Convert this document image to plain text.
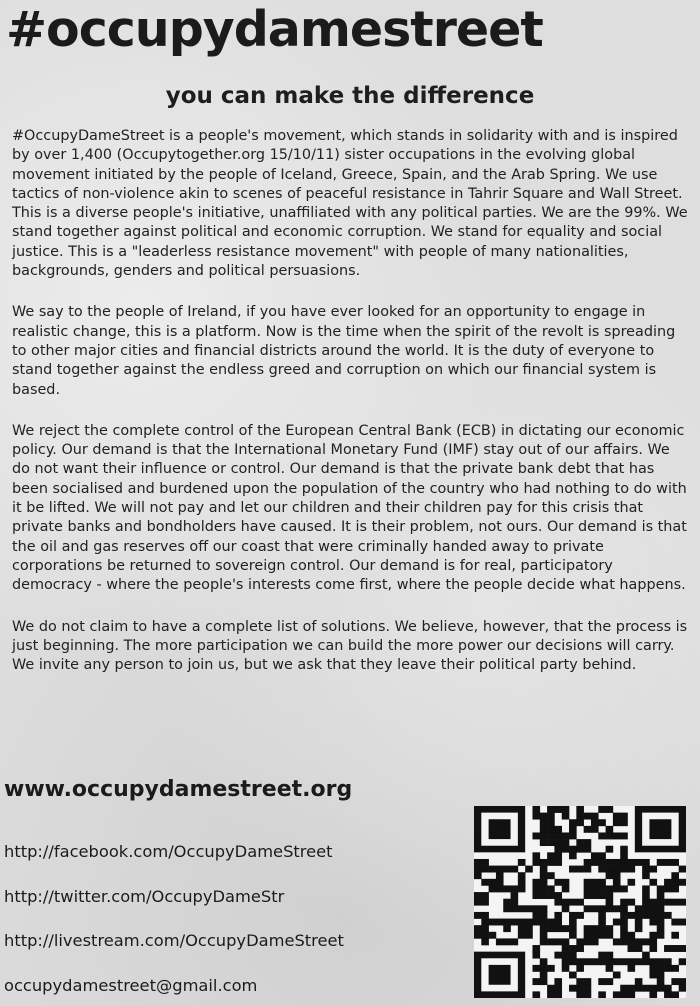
#occupydamestreet
you can make the difference

#OccupyDameStreet is a people's movement, which stands in solidarity with and is inspired by over 1,400 (Occupytogether.org 15/10/11) sister occupations in the evolving global movement initiated by the people of Iceland, Greece, Spain, and the Arab Spring. We use tactics of non-violence akin to scenes of peaceful resistance in Tahrir Square and Wall Street. This is a diverse people's initiative, unaffiliated with any political parties. We are the 99%. We stand together against political and economic corruption. We stand for equality and social justice. This is a "leaderless resistance movement" with people of many nationalities, backgrounds, genders and political persuasions.

We say to the people of Ireland, if you have ever looked for an opportunity to engage in realistic change, this is a platform. Now is the time when the spirit of the revolt is spreading to other major cities and financial districts around the world. It is the duty of everyone to stand together against the endless greed and corruption on which our financial system is based.

We reject the complete control of the European Central Bank (ECB) in dictating our economic policy. Our demand is that the International Monetary Fund (IMF) stay out of our affairs. We do not want their influence or control. Our demand is that the private bank debt that has been socialised and burdened upon the population of the country who had nothing to do with it be lifted. We will not pay and let our children and their children pay for this crisis that private banks and bondholders have caused. It is their problem, not ours. Our demand is that the oil and gas reserves off our coast that were criminally handed away to private corporations be returned to sovereign control. Our demand is for real, participatory democracy - where the people's interests come first, where the people decide what happens.

We do not claim to have a complete list of solutions. We believe, however, that the process is just beginning. The more participation we can build the more power our decisions will carry. We invite any person to join us, but we ask that they leave their political party behind.

www.occupydamestreet.org
http://facebook.com/OccupyDameStreet
http://twitter.com/OccupyDameStr
http://livestream.com/OccupyDameStreet
occupydamestreet@gmail.com
